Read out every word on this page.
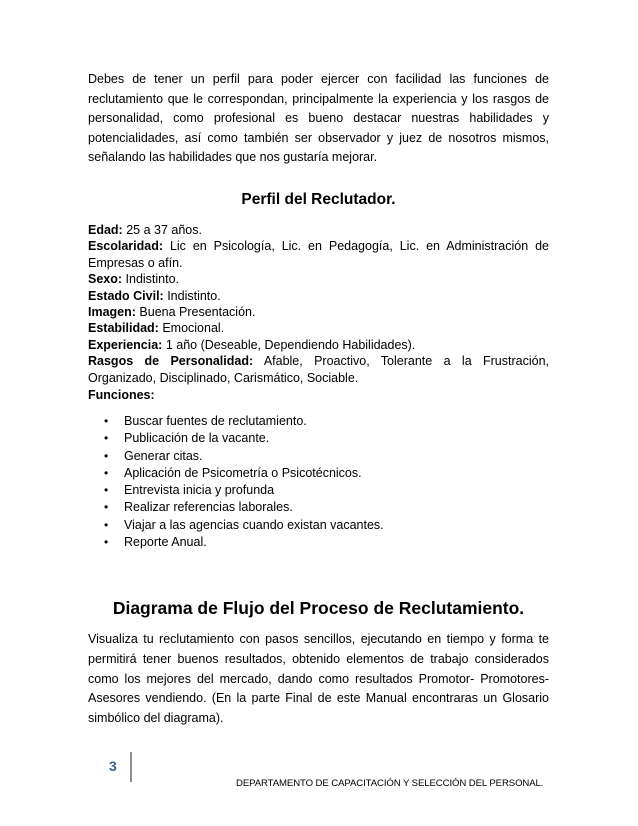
Debes de tener un perfil para poder ejercer con facilidad las funciones de reclutamiento que le correspondan, principalmente la experiencia y los rasgos de personalidad, como profesional es bueno destacar nuestras habilidades y potencialidades, así como también ser observador y juez de nosotros mismos, señalando las habilidades que nos gustaría mejorar.

Perfil del Reclutador.
Edad: 25 a 37 años.
Escolaridad: Lic en Psicología, Lic. en Pedagogía, Lic. en Administración de Empresas o afín.
Sexo: Indistinto.
Estado Civil: Indistinto.
Imagen: Buena Presentación.
Estabilidad: Emocional.
Experiencia: 1 año (Deseable, Dependiendo Habilidades).
Rasgos de Personalidad: Afable, Proactivo, Tolerante a la Frustración, Organizado, Disciplinado, Carismático, Sociable.
Funciones:
• Buscar fuentes de reclutamiento.
• Publicación de la vacante.
• Generar citas.
• Aplicación de Psicometría o Psicotécnicos.
• Entrevista inicia y profunda
• Realizar referencias laborales.
• Viajar a las agencias cuando existan vacantes.
• Reporte Anual.
Diagrama de Flujo del Proceso de Reclutamiento.

Visualiza tu reclutamiento con pasos sencillos, ejecutando en tiempo y forma te permitirá tener buenos resultados, obtenido elementos de trabajo considerados como los mejores del mercado, dando como resultados Promotor- Promotores-Asesores vendiendo. (En la parte Final de este Manual encontraras un Glosario simbólico del diagrama).

3
DEPARTAMENTO DE CAPACITACIÓN Y SELECCIÓN DEL PERSONAL.
